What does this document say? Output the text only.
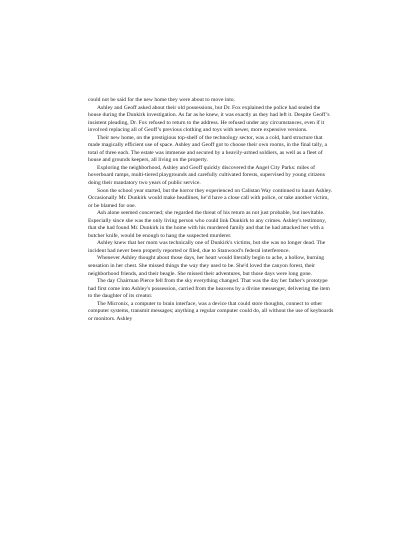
could not be said for the new home they were about to move into.

Ashley and Geoff asked about their old possessions, but Dr. Fox explained the police had sealed the house during the Dunkirk investigation. As far as he knew, it was exactly as they had left it. Despite Geoff’s insistent pleading, Dr. Fox refused to return to the address. He refused under any circumstances, even if it involved replacing all of Geoff’s previous clothing and toys with newer, more expensive versions.

Their new home, on the prestigious top-shelf of the technology sector, was a cold, hard structure that made magically efficient use of space. Ashley and Geoff got to choose their own rooms, in the final tally, a total of three each. The estate was immense and secured by a heavily-armed soldiers, as well as a fleet of house and grounds keepers, all living on the property.

Exploring the neighborhood, Ashley and Geoff quickly discovered the Angel City Parks: miles of hoverboard ramps, multi-tiered playgrounds and carefully cultivated forests, supervised by young citizens doing their mandatory two years of public service.

Soon the school year started, but the horror they experienced on Calistan Way continued to haunt Ashley. Occasionally Mr. Dunkirk would make headlines, he’d have a close call with police, or take another victim, or be blamed for one.

Ash alone seemed concerned; she regarded the threat of his return as not just probable, but inevitable. Especially since she was the only living person who could link Dunkirk to any crimes. Ashley's testimony, that she had found Mr. Dunkirk in the home with his murdered family and that he had attacked her with a butcher knife, would be enough to hang the suspected murderer.

Ashley knew that her mom was technically one of Dunkirk's victims, but she was no longer dead. The incident had never been properly reported or filed, due to Stanwood’s federal interference.

Whenever Ashley thought about those days, her heart would literally begin to ache, a hollow, burning sensation in her chest. She missed things the way they used to be. She'd loved the canyon forest, their neighborhood friends, and their beagle. She missed their adventures, but those days were long gone.

The day Chairman Pierce fell from the sky everything changed. That was the day her father's prototype had first come into Ashley's possession, carried from the heavens by a divine messenger, delivering the item to the daughter of its creator.

The Micronix, a computer to brain interface, was a device that could store thoughts, connect to other computer systems, transmit messages; anything a regular computer could do, all without the use of keyboards or monitors. Ashley
